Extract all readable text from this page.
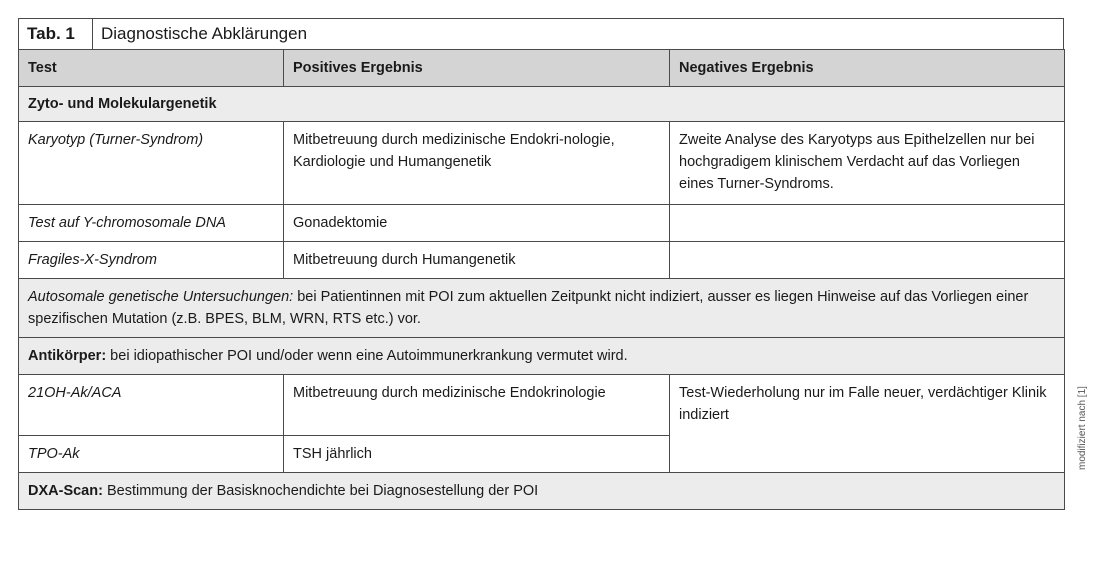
Tab. 1	Diagnostische Abklärungen
Test	Positives Ergebnis	Negatives Ergebnis
Zyto- und Molekulargenetik		
Karyotyp (Turner-Syndrom)	Mitbetreuung durch medizinische Endokri-nologie, Kardiologie und Humangenetik	Zweite Analyse des Karyotyps aus Epithelzellen nur bei hochgradigem klinischem Verdacht auf das Vorliegen eines Turner-Syndroms.
Test auf Y-chromosomale DNA	Gonadektomie	
Fragiles-X-Syndrom	Mitbetreuung durch Humangenetik	
Autosomale genetische Untersuchungen: bei Patientinnen mit POI zum aktuellen Zeitpunkt nicht indiziert, ausser es liegen Hinweise auf das Vorliegen einer spezifischen Mutation (z.B. BPES, BLM, WRN, RTS etc.) vor.		
Antikörper: bei idiopathischer POI und/oder wenn eine Autoimmunerkrankung vermutet wird.		
21OH-Ak/ACA	Mitbetreuung durch medizinische Endokrinologie	Test-Wiederholung nur im Falle neuer, verdächtiger Klinik indiziert
TPO-Ak	TSH jährlich	
DXA-Scan: Bestimmung der Basisknochendichte bei Diagnosestellung der POI		
modifiziert nach [1]
